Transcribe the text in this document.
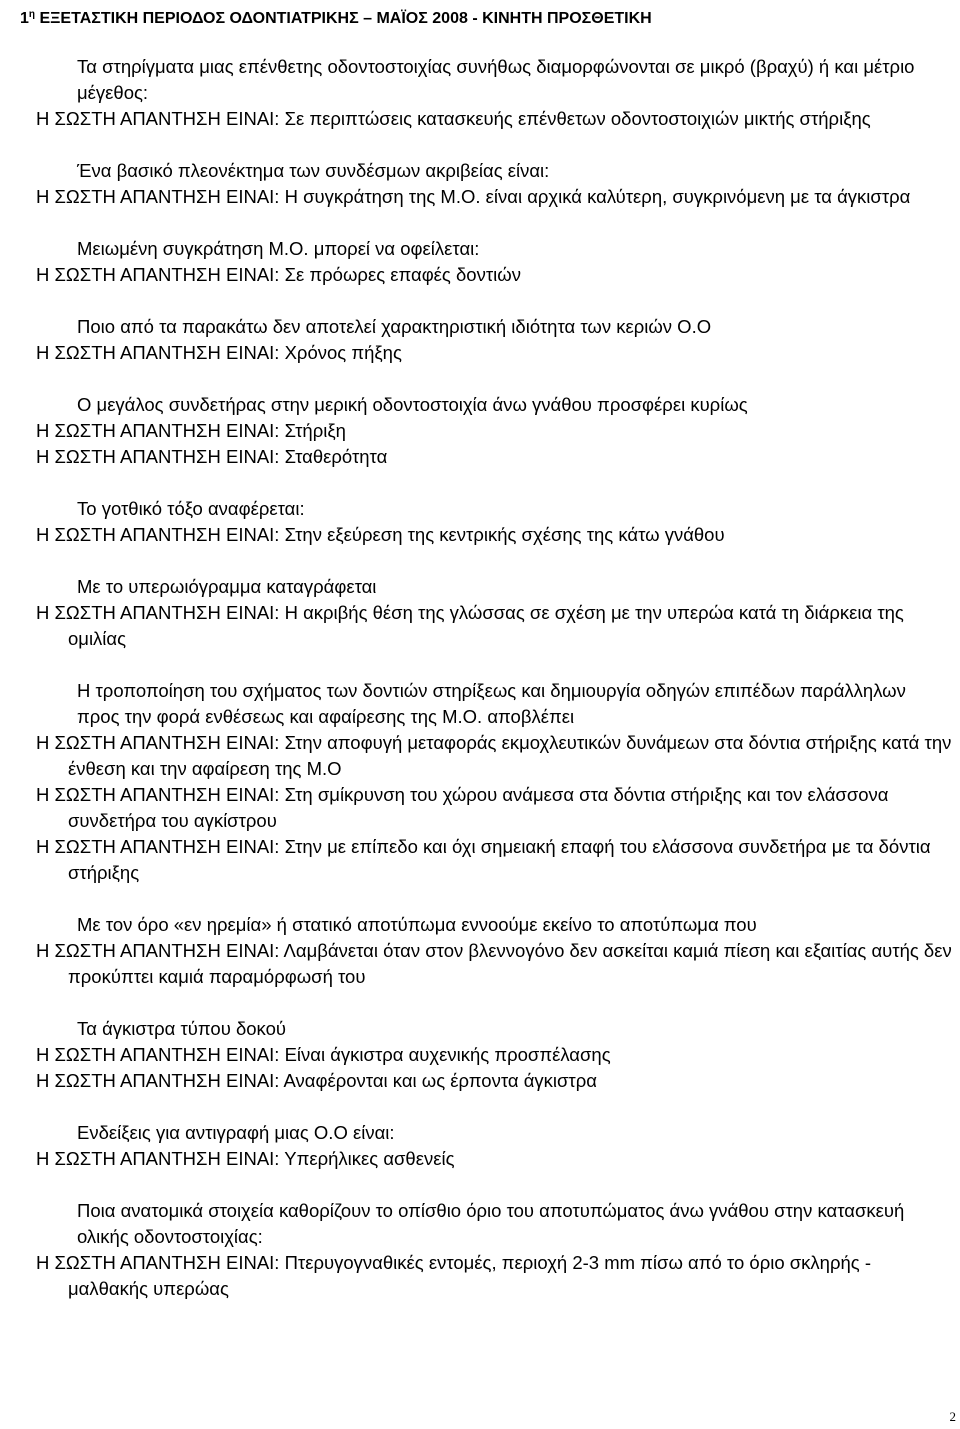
$1^\eta$ ΕΞΕΤΑΣΤΙΚΗ ΠΕΡΙΟΔΟΣ ΟΔΟΝΤΙΑΤΡΙΚΗΣ – ΜΑΪΟΣ 2008 - ΚΙΝΗΤΗ ΠΡΟΣΘΕΤΙΚΗ

Τα στηρίγματα μιας επένθετης οδοντοστοιχίας συνήθως διαμορφώνονται σε μικρό (βραχύ) ή και μέτριο μέγεθος:

Η ΣΩΣΤΗ ΑΠΑΝΤΗΣΗ ΕΙΝΑΙ: Σε περιπτώσεις κατασκευής επένθετων οδοντοστοιχιών μικτής στήριξης

Ένα βασικό πλεονέκτημα των συνδέσμων ακριβείας είναι:

Η ΣΩΣΤΗ ΑΠΑΝΤΗΣΗ ΕΙΝΑΙ: Η συγκράτηση της Μ.Ο. είναι αρχικά καλύτερη, συγκρινόμενη με τα άγκιστρα

Μειωμένη συγκράτηση Μ.Ο. μπορεί να οφείλεται:

Η ΣΩΣΤΗ ΑΠΑΝΤΗΣΗ ΕΙΝΑΙ: Σε πρόωρες επαφές δοντιών

Ποιο από τα παρακάτω δεν αποτελεί χαρακτηριστική ιδιότητα των κεριών Ο.Ο

Η ΣΩΣΤΗ ΑΠΑΝΤΗΣΗ ΕΙΝΑΙ: Χρόνος πήξης

Ο μεγάλος συνδετήρας στην μερική οδοντοστοιχία άνω γνάθου προσφέρει κυρίως

Η ΣΩΣΤΗ ΑΠΑΝΤΗΣΗ ΕΙΝΑΙ: Στήριξη

Η ΣΩΣΤΗ ΑΠΑΝΤΗΣΗ ΕΙΝΑΙ: Σταθερότητα

Το γοτθικό τόξο αναφέρεται:

Η ΣΩΣΤΗ ΑΠΑΝΤΗΣΗ ΕΙΝΑΙ: Στην εξεύρεση της κεντρικής σχέσης της κάτω γνάθου

Με το υπερωιόγραμμα καταγράφεται

Η ΣΩΣΤΗ ΑΠΑΝΤΗΣΗ ΕΙΝΑΙ: Η ακριβής θέση της γλώσσας σε σχέση με την υπερώα κατά τη διάρκεια της ομιλίας

Η τροποποίηση του σχήματος των δοντιών στηρίξεως και δημιουργία οδηγών επιπέδων παράλληλων προς την φορά ενθέσεως και αφαίρεσης της Μ.Ο. αποβλέπει

Η ΣΩΣΤΗ ΑΠΑΝΤΗΣΗ ΕΙΝΑΙ: Στην αποφυγή μεταφοράς εκμοχλευτικών δυνάμεων στα δόντια στήριξης κατά την ένθεση και την αφαίρεση της Μ.Ο

Η ΣΩΣΤΗ ΑΠΑΝΤΗΣΗ ΕΙΝΑΙ: Στη σμίκρυνση του χώρου ανάμεσα στα δόντια στήριξης και τον ελάσσονα συνδετήρα του αγκίστρου

Η ΣΩΣΤΗ ΑΠΑΝΤΗΣΗ ΕΙΝΑΙ: Στην με επίπεδο και όχι σημειακή επαφή του ελάσσονα συνδετήρα με τα δόντια στήριξης

Με τον όρο «εν ηρεμία» ή στατικό αποτύπωμα εννοούμε εκείνο το αποτύπωμα που

Η ΣΩΣΤΗ ΑΠΑΝΤΗΣΗ ΕΙΝΑΙ: Λαμβάνεται όταν στον βλεννογόνο δεν ασκείται καμιά πίεση και εξαιτίας αυτής δεν προκύπτει καμιά παραμόρφωσή του

Τα άγκιστρα τύπου δοκού

Η ΣΩΣΤΗ ΑΠΑΝΤΗΣΗ ΕΙΝΑΙ: Είναι άγκιστρα αυχενικής προσπέλασης

Η ΣΩΣΤΗ ΑΠΑΝΤΗΣΗ ΕΙΝΑΙ: Αναφέρονται και ως έρποντα άγκιστρα

Ενδείξεις για αντιγραφή μιας Ο.Ο είναι:

Η ΣΩΣΤΗ ΑΠΑΝΤΗΣΗ ΕΙΝΑΙ: Υπερήλικες ασθενείς

Ποια ανατομικά στοιχεία καθορίζουν το οπίσθιο όριο του αποτυπώματος άνω γνάθου στην κατασκευή ολικής οδοντοστοιχίας:

Η ΣΩΣΤΗ ΑΠΑΝΤΗΣΗ ΕΙΝΑΙ: Πτερυγογναθικές εντομές, περιοχή 2-3 mm πίσω από το όριο σκληρής - μαλθακής υπερώας

2
